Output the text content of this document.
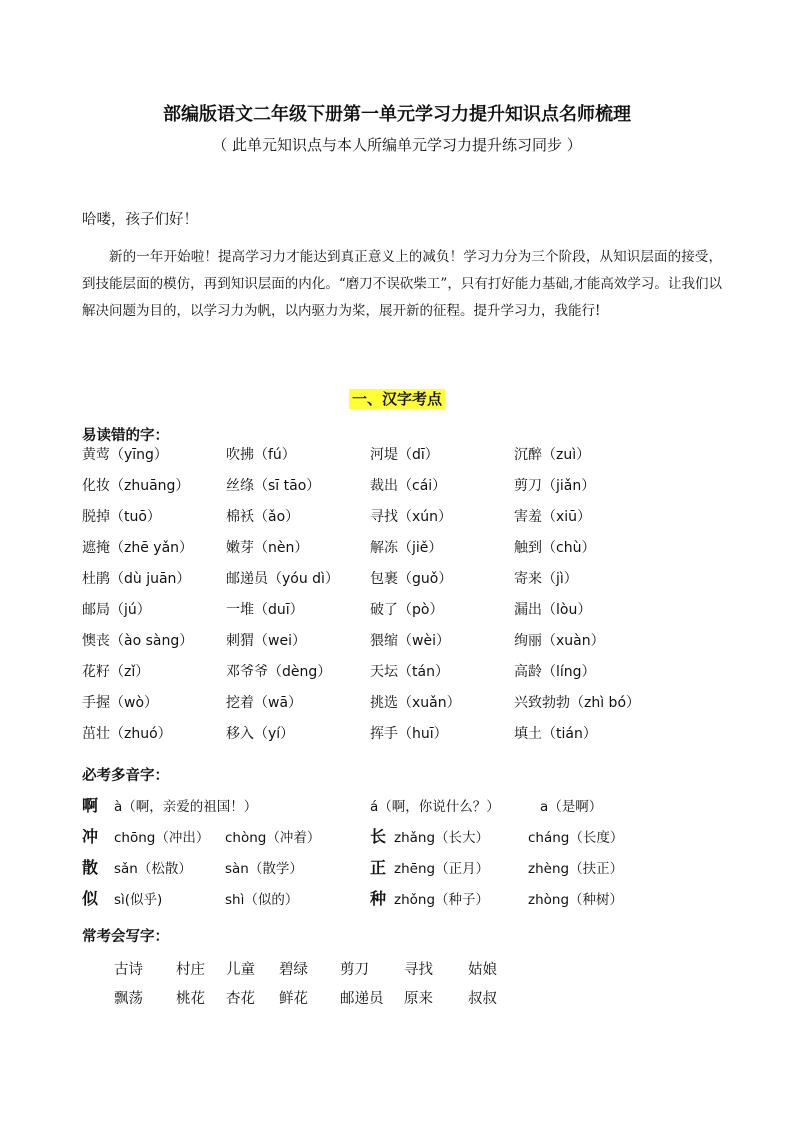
部编版语文二年级下册第一单元学习力提升知识点名师梳理
（ 此单元知识点与本人所编单元学习力提升练习同步 ）
哈喽，孩子们好！

新的一年开始啦！提高学习力才能达到真正意义上的减负！学习力分为三个阶段，从知识层面的接受，到技能层面的模仿，再到知识层面的内化。“磨刀不误砍柴工”，只有打好能力基础,才能高效学习。让我们以解决问题为目的，以学习力为帆，以内驱力为桨，展开新的征程。提升学习力，我能行!

一、汉字考点
易读错的字：
黄莺（yīng）	吹拂（fú）	河堤（dī）	沉醉（zuì）
化妆（zhuāng）	丝绦（sī tāo）	裁出（cái）	剪刀（jiǎn）
脱掉（tuō）	棉袄（ǎo）	寻找（xún）	害羞（xiū）
遮掩（zhē yǎn） 嫩芽（nèn）	解冻（jiě）	触到（chù）
杜鹃（dù juān）	邮递员（yóu dì） 包裹（guǒ）	寄来（jì）
邮局（jú）	一堆（duī）	破了（pò）	漏出（lòu）
懊丧（ào sàng） 刺猬（wei）	猥缩（wèi）	绚丽（xuàn）
花籽（zǐ）	邓爷爷（dèng）	天坛（tán）	高龄（líng）
手握（wò）	挖着（wā）	挑选（xuǎn）	兴致勃勃（zhì bó）
茁壮（zhuó）	移入（yí）	挥手（huī）	填土（tián）
必考多音字：
啊 à（啊，亲爱的祖国！）	á（啊，你说什么？）	a（是啊）
冲 chōng（冲出） chòng（冲着）	长 zhǎng（长大）	cháng（长度）
散 sǎn（松散） sàn（散学）	正 zhēng（正月）	zhèng（扶正）
似 sì(似乎)	shì（似的）	种 zhǒng（种子）	zhòng（种树）
常考会写字：
古诗 村庄 儿童 碧绿 剪刀 寻找 姑娘
飘荡 桃花 杏花 鲜花 邮递员 原来 叔叔
